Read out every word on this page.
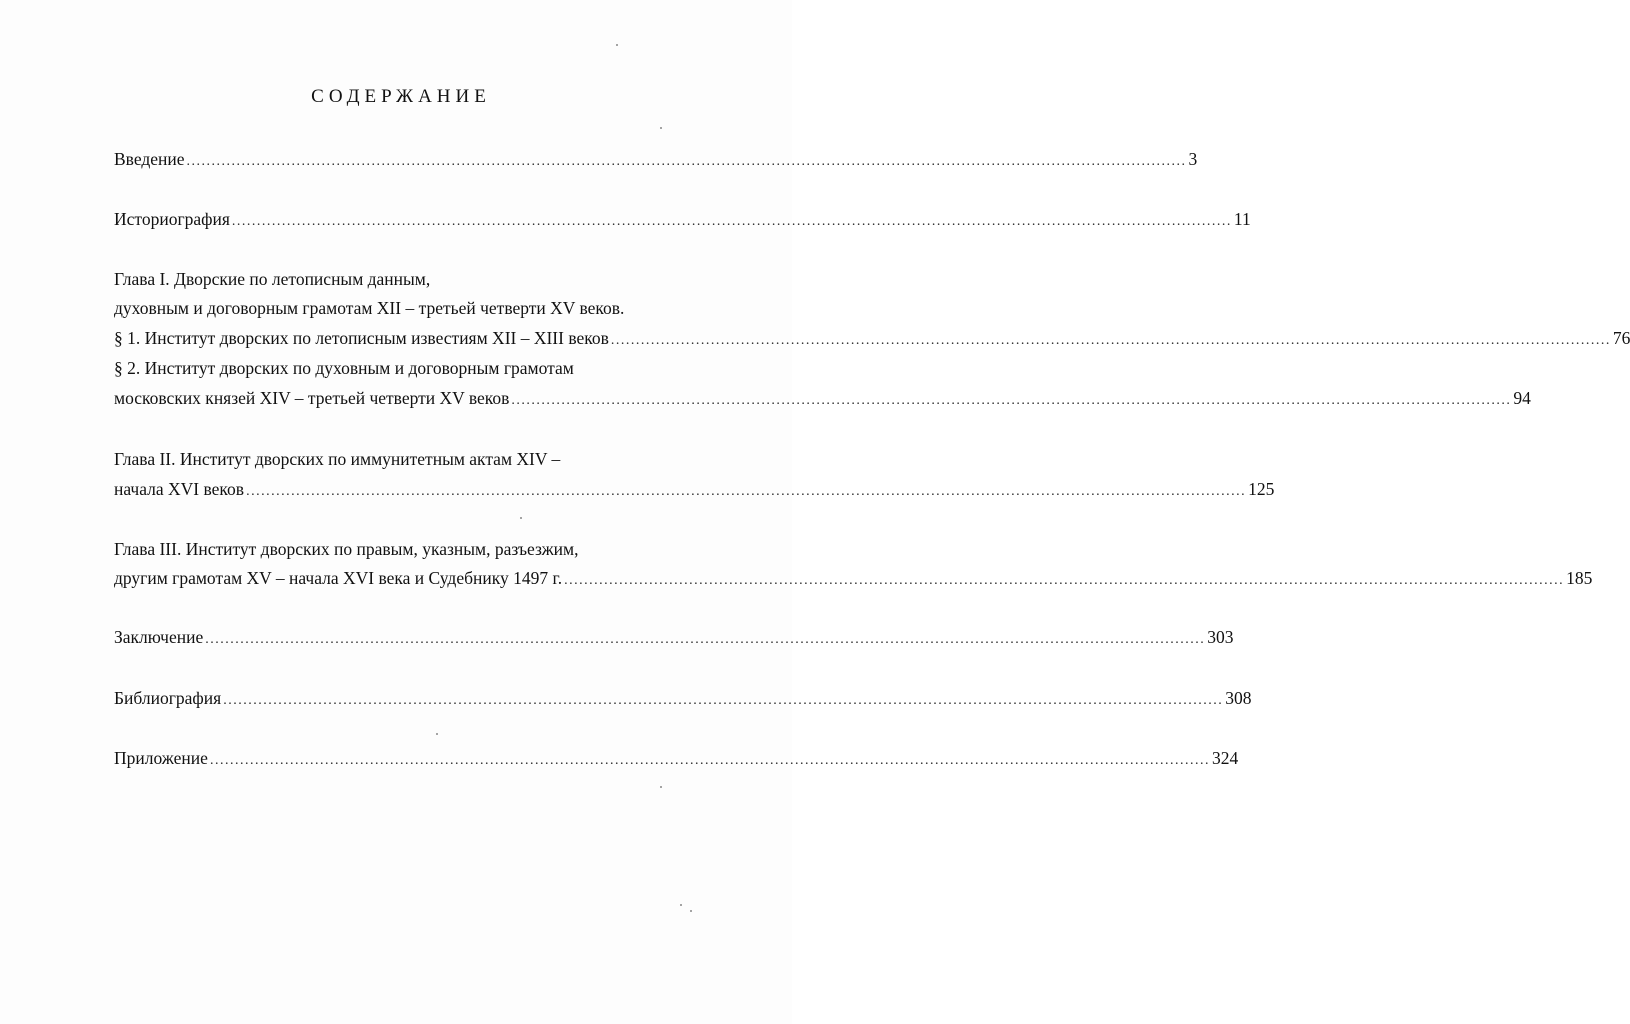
СОДЕРЖАНИЕ
Введение ........................................................................................................................................................................................................ 3
Историография ........................................................................................................................................................................................................ 11
Глава I. Дворские по летописным данным,
духовным и договорным грамотам XII – третьей четверти XV веков.
§ 1. Институт дворских по летописным известиям XII – XIII веков ........................................................................................................................................................................................................ 76
§ 2. Институт дворских по духовным и договорным грамотам
московских князей XIV – третьей четверти XV веков ........................................................................................................................................................................................................ 94
Глава II. Институт дворских по иммунитетным актам XIV –
начала XVI веков ........................................................................................................................................................................................................ 125
Глава III. Институт дворских по правым, указным, разъезжим,
другим грамотам XV – начала XVI века и Судебнику 1497 г. ........................................................................................................................................................................................................ 185
Заключение ........................................................................................................................................................................................................ 303
Библиография ........................................................................................................................................................................................................ 308
Приложение ........................................................................................................................................................................................................ 324
